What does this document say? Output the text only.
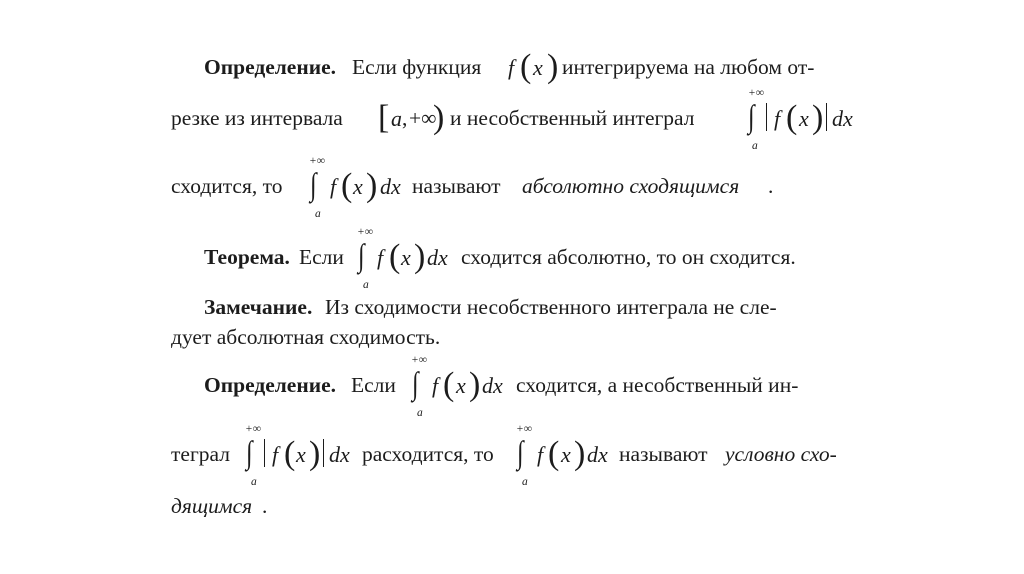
Определение. Если функция f ( x ) интегрируема на любом от-
резке из интервала [ a , +∞
) и несобственный интеграл
+∞
∫
a
f ( x ) dx
сходится, то
+∞
∫
a
f ( x ) dx называют абсолютно сходящимся .
Теорема. Если
+∞
∫
a
f ( x ) dx сходится абсолютно, то он сходится.
Замечание. Из сходимости несобственного интеграла не сле-
дует абсолютная сходимость.
Определение. Если
+∞
∫
a
f ( x ) dx сходится, а несобственный ин-
теграл
+∞
∫
a
f ( x ) dx расходится, то
+∞
∫
a
f ( x ) dx называют условно схо-
дящимся .
